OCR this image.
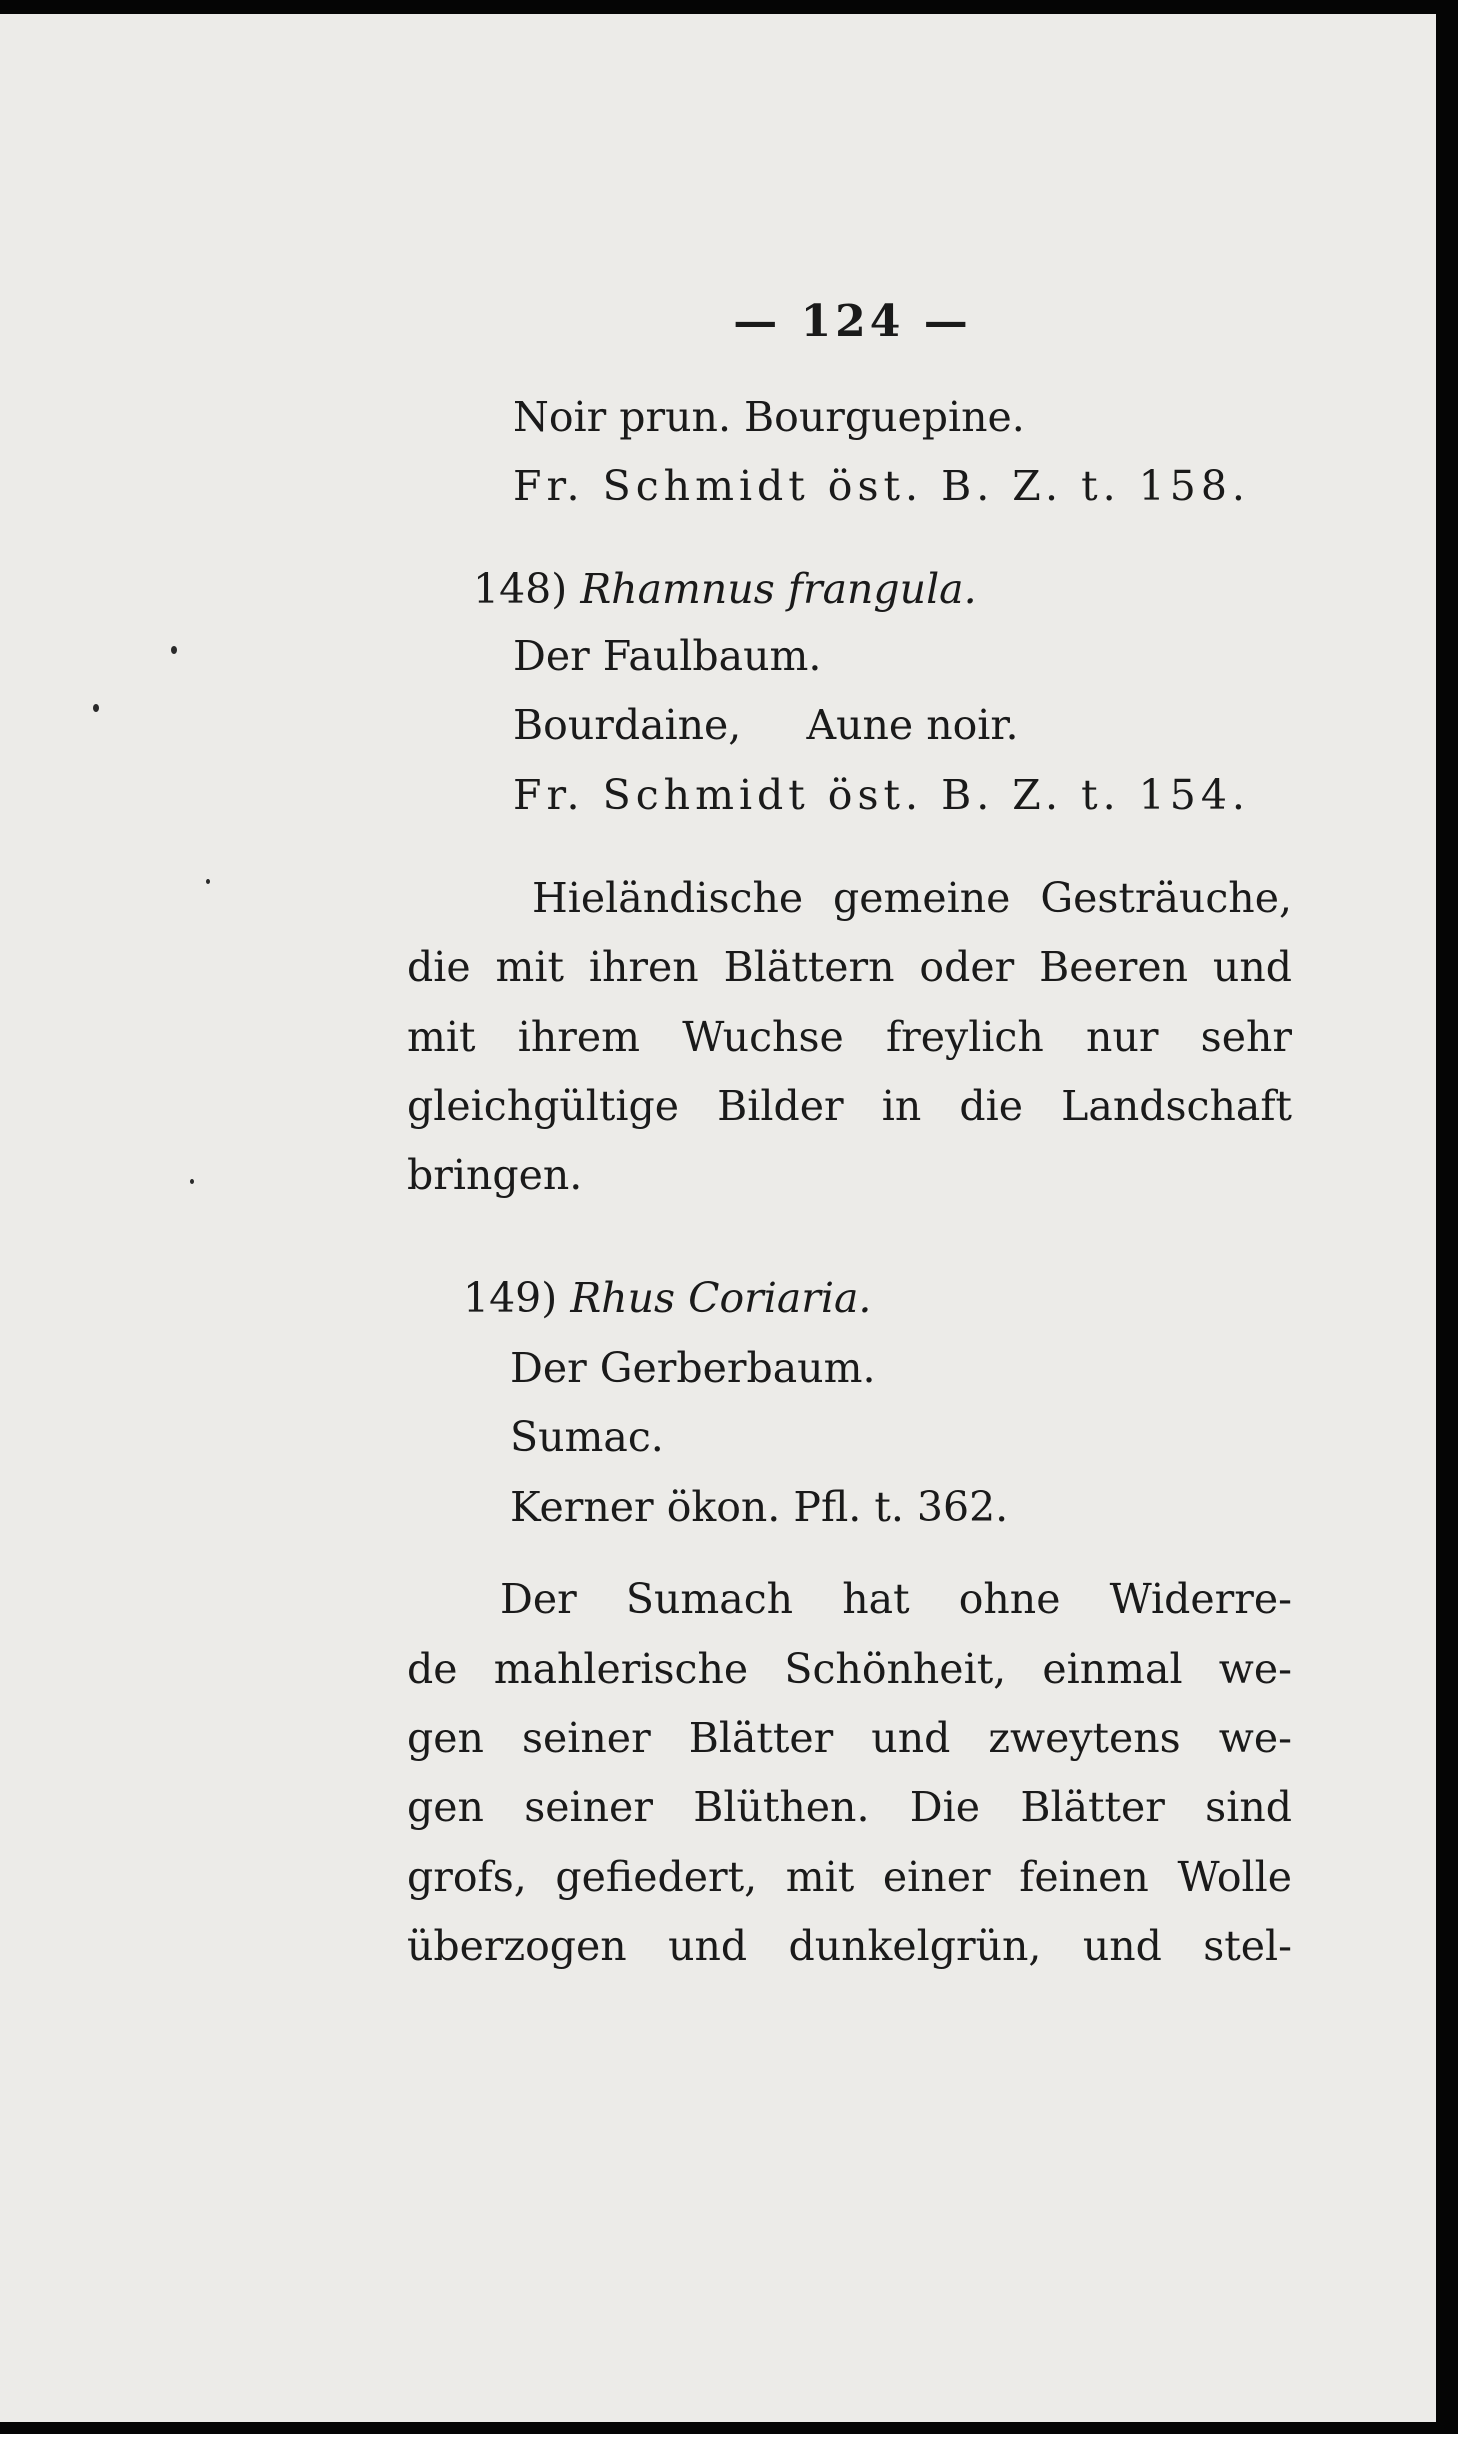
— 124 —
Noir prun. Bourguepine.
Fr. Schmidt öst. B. Z. t. 158.
148) Rhamnus frangula.
Der Faulbaum.
Bourdaine,     Aune noir.
Fr. Schmidt öst. B. Z. t. 154.
Hieländische gemeine Gesträuche,
die mit ihren Blättern oder Beeren und
mit ihrem Wuchse freylich nur sehr
gleichgültige Bilder in die Landschaft
bringen.
149) Rhus Coriaria.
Der Gerberbaum.
Sumac.
Kerner ökon. Pfl. t. 362.
Der Sumach hat ohne Widerre-
de mahlerische Schönheit, einmal we-
gen seiner Blätter und zweytens we-
gen seiner Blüthen. Die Blätter sind
grofs, gefiedert, mit einer feinen Wolle
überzogen und dunkelgrün, und stel-
